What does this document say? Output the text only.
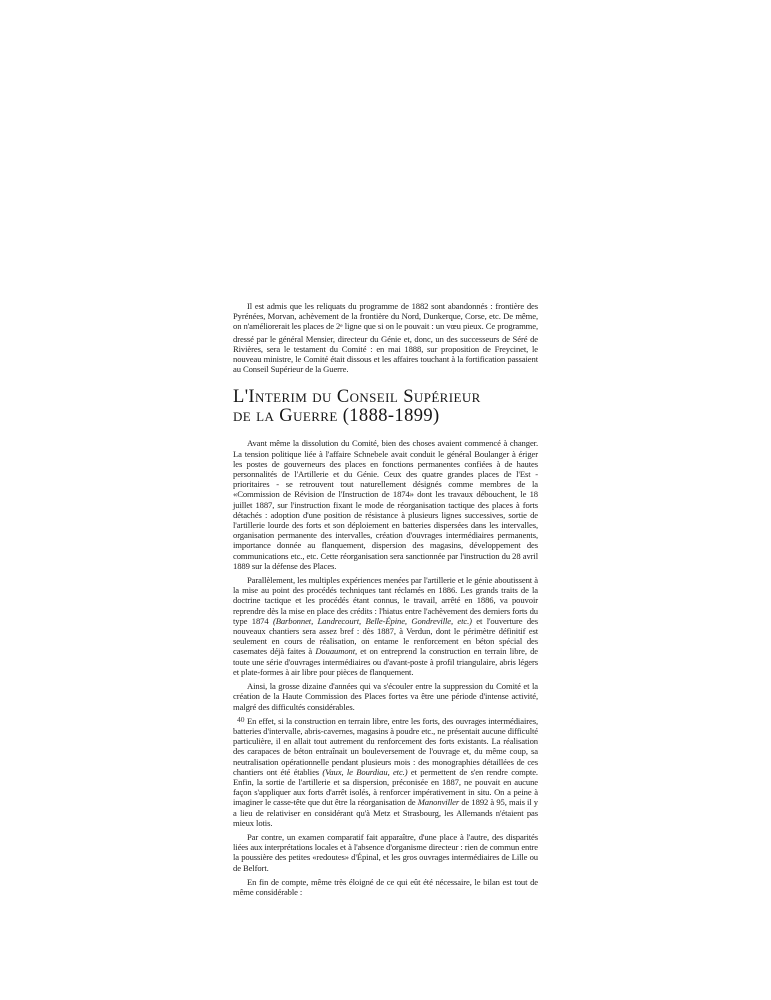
Il est admis que les reliquats du programme de 1882 sont abandonnés : frontière des Pyrénées, Morvan, achèvement de la frontière du Nord, Dunkerque, Corse, etc. De même, on n'améliorerait les places de 2e ligne que si on le pouvait : un vœu pieux. Ce programme, dressé par le général Mensier, directeur du Génie et, donc, un des successeurs de Séré de Rivières, sera le testament du Comité : en mai 1888, sur proposition de Freycinet, le nouveau ministre, le Comité était dissous et les affaires touchant à la fortification passaient au Conseil Supérieur de la Guerre.

L'Interim du Conseil Supérieur
de la Guerre (1888-1899)

Avant même la dissolution du Comité, bien des choses avaient commencé à changer. La tension politique liée à l'affaire Schnebele avait conduit le général Boulanger à ériger les postes de gouverneurs des places en fonctions permanentes confiées à de hautes personnalités de l'Artillerie et du Génie. Ceux des quatre grandes places de l'Est - prioritaires - se retrouvent tout naturellement désignés comme membres de la «Commission de Révision de l'Instruction de 1874» dont les travaux débouchent, le 18 juillet 1887, sur l'instruction fixant le mode de réorganisation tactique des places à forts détachés : adoption d'une position de résistance à plusieurs lignes successives, sortie de l'artillerie lourde des forts et son déploiement en batteries dispersées dans les intervalles, organisation permanente des intervalles, création d'ouvrages intermédiaires permanents, importance donnée au flanquement, dispersion des magasins, développement des communications etc., etc. Cette réorganisation sera sanctionnée par l'instruction du 28 avril 1889 sur la défense des Places.

Parallèlement, les multiples expériences menées par l'artillerie et le génie aboutissent à la mise au point des procédés techniques tant réclamés en 1886. Les grands traits de la doctrine tactique et les procédés étant connus, le travail, arrêté en 1886, va pouvoir reprendre dès la mise en place des crédits : l'hiatus entre l'achèvement des derniers forts du type 1874 (Barbonnet, Landrecourt, Belle-Épine, Gondreville, etc.) et l'ouverture des nouveaux chantiers sera assez bref : dès 1887, à Verdun, dont le périmètre définitif est seulement en cours de réalisation, on entame le renforcement en béton spécial des casemates déjà faites à Douaumont, et on entreprend la construction en terrain libre, de toute une série d'ouvrages intermédiaires ou d'avant-poste à profil triangulaire, abris légers et plate-formes à air libre pour pièces de flanquement.

Ainsi, la grosse dizaine d'années qui va s'écouler entre la suppression du Comité et la création de la Haute Commission des Places fortes va être une période d'intense activité, malgré des difficultés considérables.

En effet, si la construction en terrain libre, entre les forts, des ouvrages intermédiaires, batteries d'intervalle, abris-cavernes, magasins à poudre etc., ne présentait aucune difficulté particulière, il en allait tout autrement du renforcement des forts existants. La réalisation des carapaces de béton entraînait un bouleversement de l'ouvrage et, du même coup, sa neutralisation opérationnelle pendant plusieurs mois : des monographies détaillées de ces chantiers ont été établies (Vaux, le Bourdiau, etc.) et permettent de s'en rendre compte. Enfin, la sortie de l'artillerie et sa dispersion, préconisée en 1887, ne pouvait en aucune façon s'appliquer aux forts d'arrêt isolés, à renforcer impérativement in situ. On a peine à imaginer le casse-tête que dut être la réorganisation de Manonviller de 1892 à 95, mais il y a lieu de relativiser en considérant qu'à Metz et Strasbourg, les Allemands n'étaient pas mieux lotis.

Par contre, un examen comparatif fait apparaître, d'une place à l'autre, des disparités liées aux interprétations locales et à l'absence d'organisme directeur : rien de commun entre la poussière des petites «redoutes» d'Épinal, et les gros ouvrages intermédiaires de Lille ou de Belfort.

En fin de compte, même très éloigné de ce qui eût été nécessaire, le bilan est tout de même considérable :

40
